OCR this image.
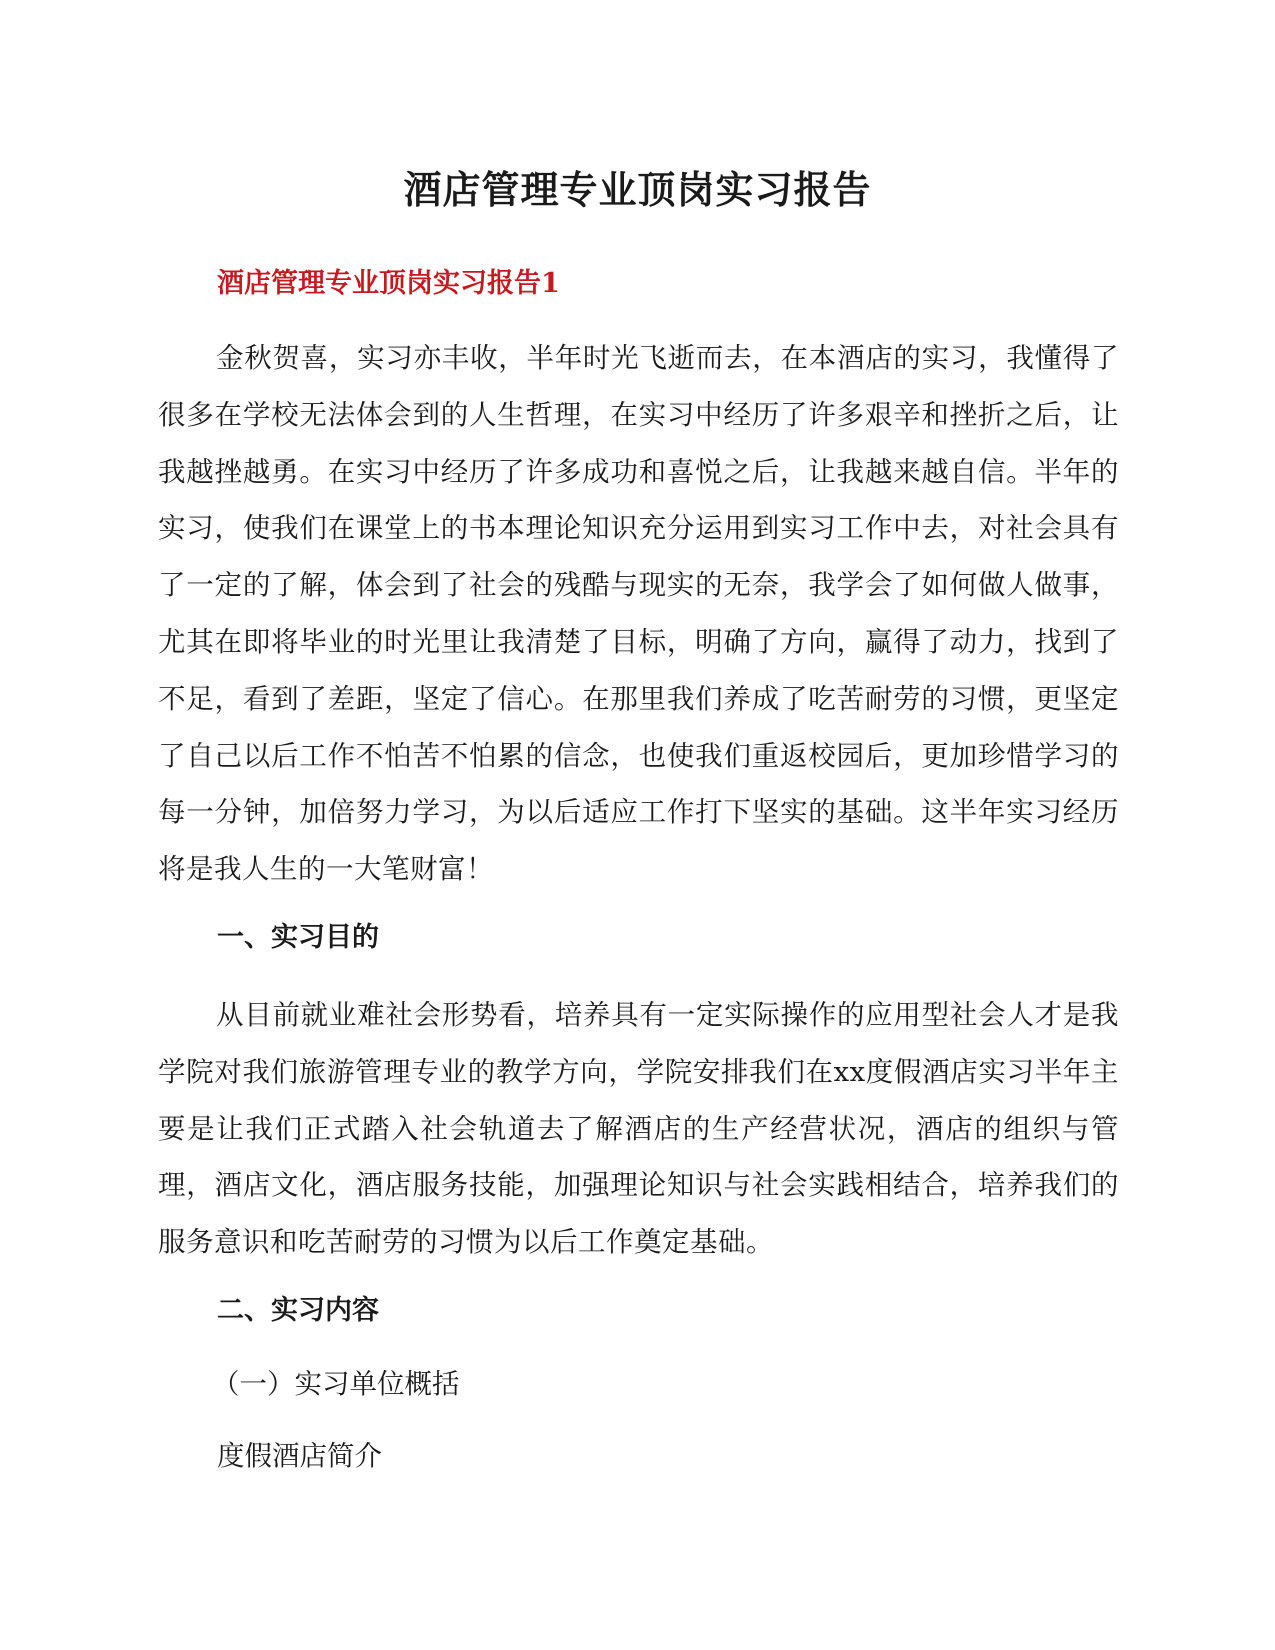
酒店管理专业顶岗实习报告

酒店管理专业顶岗实习报告1

金秋贺喜，实习亦丰收，半年时光飞逝而去，在本酒店的实习，我懂得了很多在学校无法体会到的人生哲理，在实习中经历了许多艰辛和挫折之后，让我越挫越勇。在实习中经历了许多成功和喜悦之后，让我越来越自信。半年的实习，使我们在课堂上的书本理论知识充分运用到实习工作中去，对社会具有了一定的了解，体会到了社会的残酷与现实的无奈，我学会了如何做人做事，尤其在即将毕业的时光里让我清楚了目标，明确了方向，赢得了动力，找到了不足，看到了差距，坚定了信心。在那里我们养成了吃苦耐劳的习惯，更坚定了自己以后工作不怕苦不怕累的信念，也使我们重返校园后，更加珍惜学习的每一分钟，加倍努力学习，为以后适应工作打下坚实的基础。这半年实习经历将是我人生的一大笔财富！

一、实习目的

从目前就业难社会形势看，培养具有一定实际操作的应用型社会人才是我学院对我们旅游管理专业的教学方向，学院安排我们在xx度假酒店实习半年主要是让我们正式踏入社会轨道去了解酒店的生产经营状况，酒店的组织与管理，酒店文化，酒店服务技能，加强理论知识与社会实践相结合，培养我们的服务意识和吃苦耐劳的习惯为以后工作奠定基础。

二、实习内容

（一）实习单位概括

度假酒店简介
